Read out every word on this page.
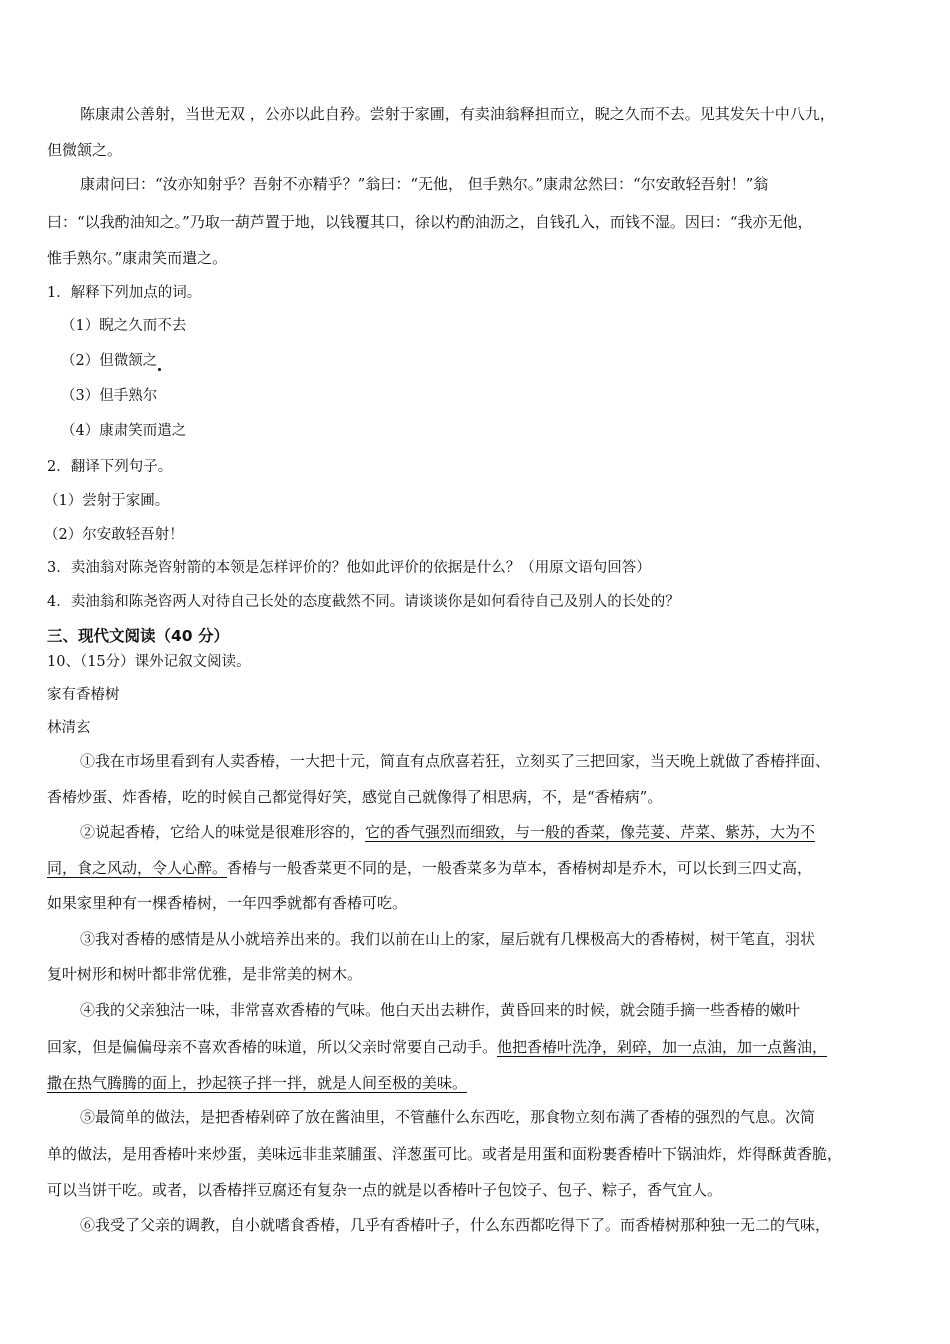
陈康肃公善射，当世无双 ，公亦以此自矜。尝射于家圃，有卖油翁释担而立，睨之久而不去。见其发矢十中八九，
但微颔之。
康肃问曰：“汝亦知射乎？吾射不亦精乎？”翁曰：“无他， 但手熟尔。”康肃忿然曰：“尔安敢轻吾射！”翁
曰：“以我酌油知之。”乃取一葫芦置于地，以钱覆其口，徐以杓酌油沥之，自钱孔入，而钱不湿。因曰：“我亦无他，
惟手熟尔。”康肃笑而遣之。
1．解释下列加点的词。
（1）睨之久而不去
（2）但微颔之
（3）但手熟尔
（4）康肃笑而遣之
2．翻译下列句子。
（1）尝射于家圃。
（2）尔安敢轻吾射！
3．卖油翁对陈尧咨射箭的本领是怎样评价的？他如此评价的依据是什么？（用原文语句回答）
4．卖油翁和陈尧咨两人对待自己长处的态度截然不同。请谈谈你是如何看待自己及别人的长处的？
三、现代文阅读（40 分）
10、（15分）课外记叙文阅读。
家有香椿树
林清玄
①我在市场里看到有人卖香椿，一大把十元，简直有点欣喜若狂，立刻买了三把回家，当天晚上就做了香椿拌面、
香椿炒蛋、炸香椿，吃的时候自己都觉得好笑，感觉自己就像得了相思病，不，是“香椿病”。
②说起香椿，它给人的味觉是很难形容的，它的香气强烈而细致，与一般的香菜，像芫荽、芹菜、紫苏，大为不
同，食之风动，令人心醉。香椿与一般香菜更不同的是，一般香菜多为草本，香椿树却是乔木，可以长到三四丈高，
如果家里种有一棵香椿树，一年四季就都有香椿可吃。
③我对香椿的感情是从小就培养出来的。我们以前在山上的家，屋后就有几棵极高大的香椿树，树干笔直，羽状
复叶树形和树叶都非常优雅，是非常美的树木。
④我的父亲独沽一味，非常喜欢香椿的气味。他白天出去耕作，黄昏回来的时候，就会随手摘一些香椿的嫩叶
回家，但是偏偏母亲不喜欢香椿的味道，所以父亲时常要自己动手。他把香椿叶洗净，剁碎，加一点油，加一点酱油，
撒在热气腾腾的面上，抄起筷子拌一拌，就是人间至极的美味。
⑤最简单的做法，是把香椿剁碎了放在酱油里，不管蘸什么东西吃，那食物立刻布满了香椿的强烈的气息。次简
单的做法，是用香椿叶来炒蛋，美味远非韭菜脯蛋、洋葱蛋可比。或者是用蛋和面粉裹香椿叶下锅油炸，炸得酥黄香脆，
可以当饼干吃。或者，以香椿拌豆腐还有复杂一点的就是以香椿叶子包饺子、包子、粽子，香气宜人。
⑥我受了父亲的调教，自小就嗜食香椿，几乎有香椿叶子，什么东西都吃得下了。而香椿树那种独一无二的气味，
